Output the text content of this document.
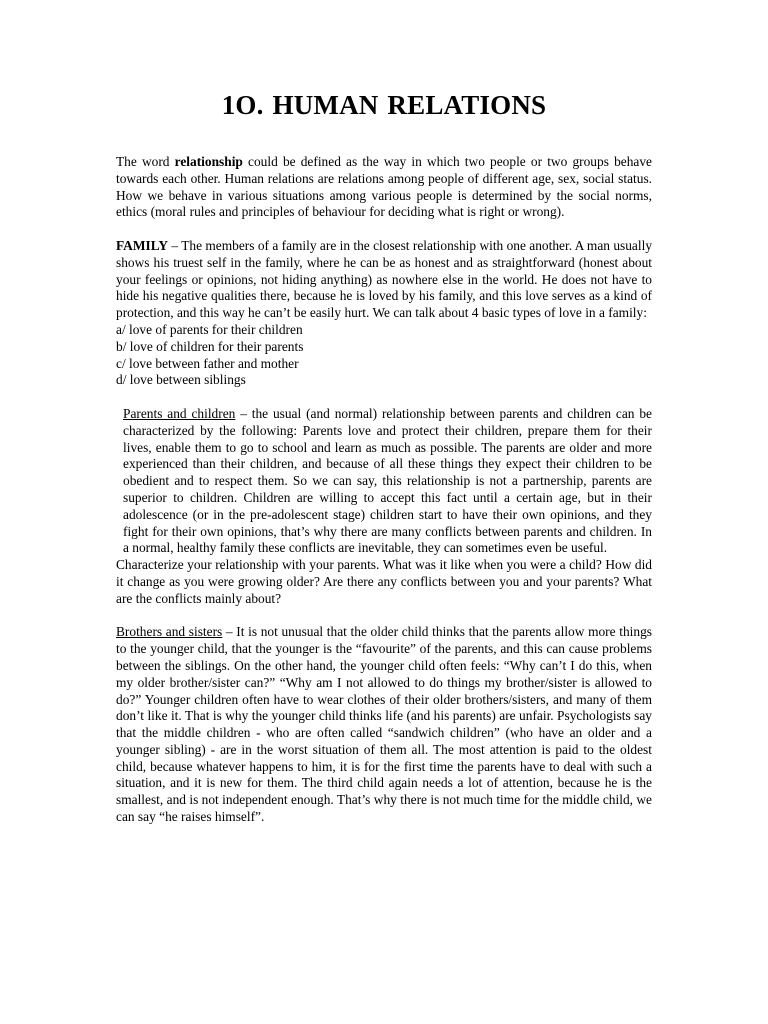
1O. HUMAN RELATIONS

The word relationship could be defined as the way in which two people or two groups behave towards each other. Human relations are relations among people of different age, sex, social status. How we behave in various situations among various people is determined by the social norms, ethics (moral rules and principles of behaviour for deciding what is right or wrong).

FAMILY – The members of a family are in the closest relationship with one another. A man usually shows his truest self in the family, where he can be as honest and as straightforward (honest about your feelings or opinions, not hiding anything) as nowhere else in the world. He does not have to hide his negative qualities there, because he is loved by his family, and this love serves as a kind of protection, and this way he can’t be easily hurt. We can talk about 4 basic types of love in a family:
a/ love of parents for their children
b/ love of children for their parents
c/ love between father and mother
d/ love between siblings

Parents and children – the usual (and normal) relationship between parents and children can be characterized by the following: Parents love and protect their children, prepare them for their lives, enable them to go to school and learn as much as possible. The parents are older and more experienced than their children, and because of all these things they expect their children to be obedient and to respect them. So we can say, this relationship is not a partnership, parents are superior to children. Children are willing to accept this fact until a certain age, but in their adolescence (or in the pre-adolescent stage) children start to have their own opinions, and they fight for their own opinions, that’s why there are many conflicts between parents and children. In a normal, healthy family these conflicts are inevitable, they can sometimes even be useful.

Characterize your relationship with your parents. What was it like when you were a child? How did it change as you were growing older? Are there any conflicts between you and your parents? What are the conflicts mainly about?

Brothers and sisters – It is not unusual that the older child thinks that the parents allow more things to the younger child, that the younger is the “favourite” of the parents, and this can cause problems between the siblings. On the other hand, the younger child often feels: “Why can’t I do this, when my older brother/sister can?” “Why am I not allowed to do things my brother/sister is allowed to do?” Younger children often have to wear clothes of their older brothers/sisters, and many of them don’t like it. That is why the younger child thinks life (and his parents) are unfair. Psychologists say that the middle children - who are often called “sandwich children” (who have an older and a younger sibling) - are in the worst situation of them all. The most attention is paid to the oldest child, because whatever happens to him, it is for the first time the parents have to deal with such a situation, and it is new for them. The third child again needs a lot of attention, because he is the smallest, and is not independent enough. That’s why there is not much time for the middle child, we can say “he raises himself”.
